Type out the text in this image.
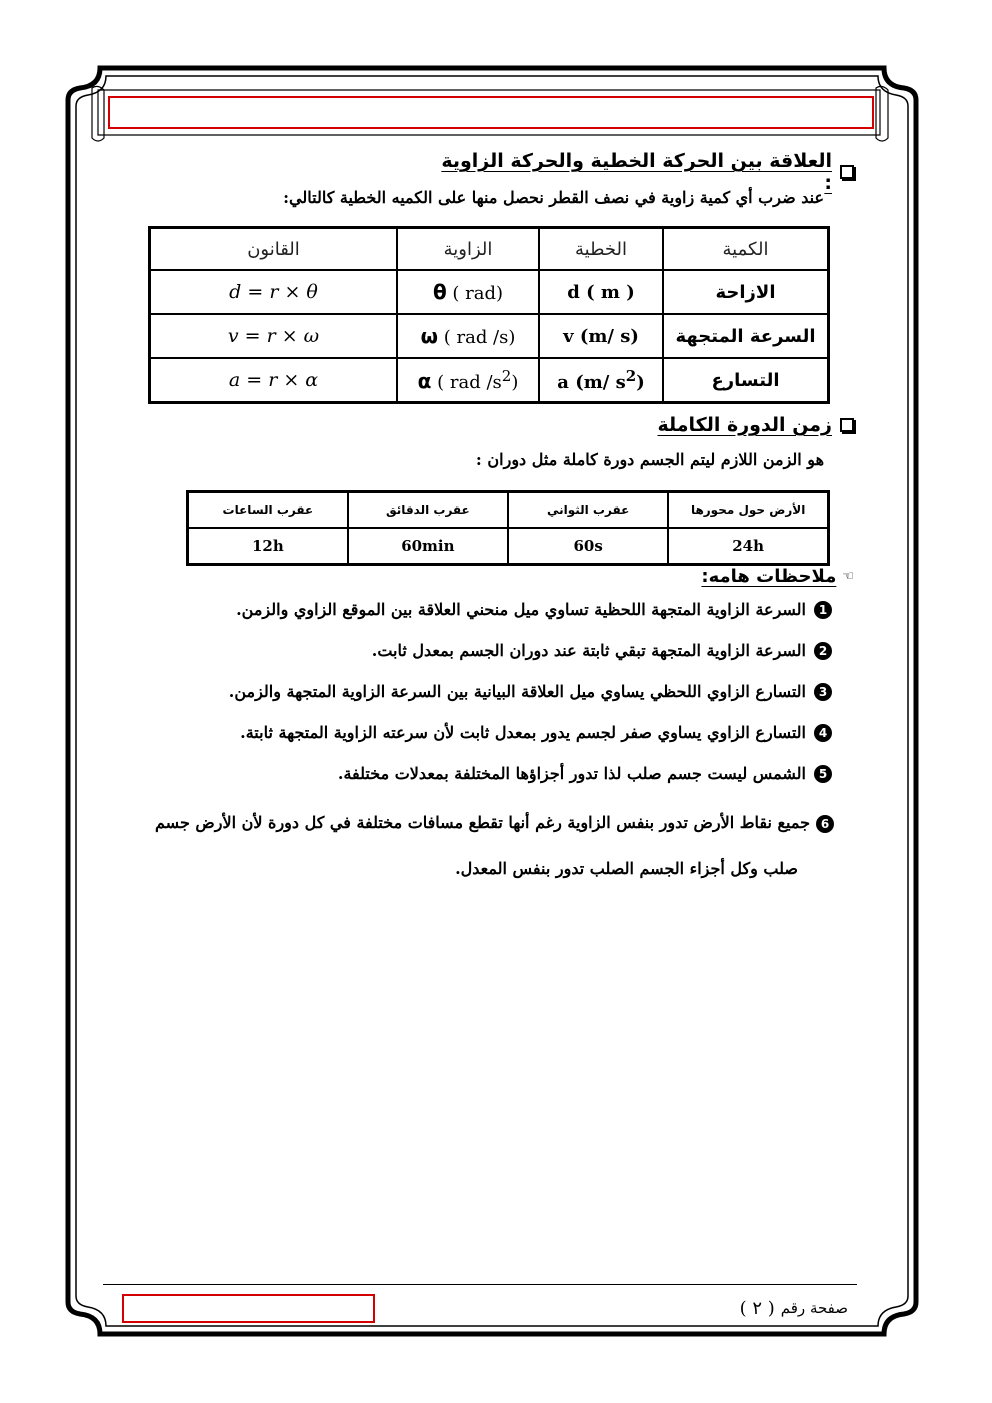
العلاقة بين الحركة الخطية والحركة الزاوية :
عند ضرب أي كمية زاوية في نصف القطر نحصل منها على الكميه الخطية كالتالي:
الكمية	الخطية	الزاوية	القانون
الازاحة	d ( m )	θ ( rad)	d = r × θ
السرعة المتجهة	v (m/ s)	ω ( rad /s)	v = r × ω
التسارع	a (m/ $s^2$)	α ( rad $/s^2$)	a = r × α
زمن الدورة الكاملة
هو الزمن اللازم ليتم الجسم دورة كاملة مثل دوران :
الأرض حول محورها	عقرب الثواني	عقرب الدقائق	عقرب الساعات
24h	60s	60min	12h
☜
ملاحظات هامه:
1
السرعة الزاوية المتجهة اللحظية تساوي ميل منحني العلاقة بين الموقع الزاوي والزمن.
2
السرعة الزاوية المتجهة تبقي ثابتة عند دوران الجسم بمعدل ثابت.
3
التسارع الزاوي اللحظي يساوي ميل العلاقة البيانية بين السرعة الزاوية المتجهة والزمن.
4
التسارع الزاوي يساوي صفر لجسم يدور بمعدل ثابت لأن سرعته الزاوية المتجهة ثابتة.
5
الشمس ليست جسم صلب لذا تدور أجزاؤها المختلفة بمعدلات مختلفة.
6جميع نقاط الأرض تدور بنفس الزاوية رغم أنها تقطع مسافات مختلفة في كل دورة لأن الأرض جسم
صلب وكل أجزاء الجسم الصلب تدور بنفس المعدل.
صفحة رقم
( ٢ )
